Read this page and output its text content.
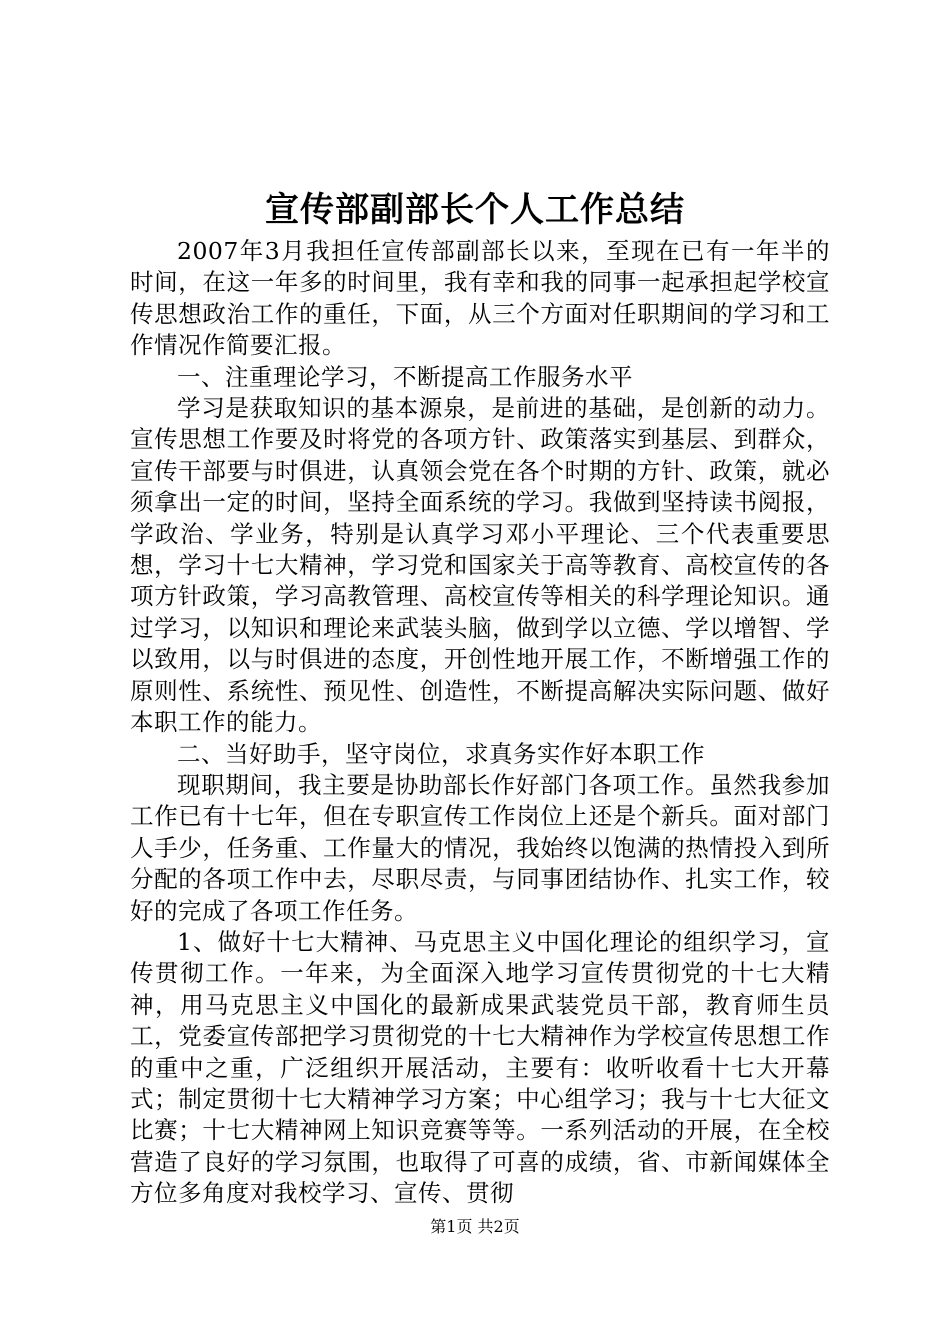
宣传部副部长个人工作总结

2007年3月我担任宣传部副部长以来，至现在已有一年半的时间，在这一年多的时间里，我有幸和我的同事一起承担起学校宣传思想政治工作的重任，下面，从三个方面对任职期间的学习和工作情况作简要汇报。

一、注重理论学习，不断提高工作服务水平

学习是获取知识的基本源泉，是前进的基础，是创新的动力。宣传思想工作要及时将党的各项方针、政策落实到基层、到群众，宣传干部要与时俱进，认真领会党在各个时期的方针、政策，就必须拿出一定的时间，坚持全面系统的学习。我做到坚持读书阅报，学政治、学业务，特别是认真学习邓小平理论、三个代表重要思想，学习十七大精神，学习党和国家关于高等教育、高校宣传的各项方针政策，学习高教管理、高校宣传等相关的科学理论知识。通过学习，以知识和理论来武装头脑，做到学以立德、学以增智、学以致用，以与时俱进的态度，开创性地开展工作，不断增强工作的原则性、系统性、预见性、创造性，不断提高解决实际问题、做好本职工作的能力。

二、当好助手，坚守岗位，求真务实作好本职工作

现职期间，我主要是协助部长作好部门各项工作。虽然我参加工作已有十七年，但在专职宣传工作岗位上还是个新兵。面对部门人手少，任务重、工作量大的情况，我始终以饱满的热情投入到所分配的各项工作中去，尽职尽责，与同事团结协作、扎实工作，较好的完成了各项工作任务。

1、做好十七大精神、马克思主义中国化理论的组织学习，宣传贯彻工作。一年来，为全面深入地学习宣传贯彻党的十七大精神，用马克思主义中国化的最新成果武装党员干部，教育师生员工，党委宣传部把学习贯彻党的十七大精神作为学校宣传思想工作的重中之重，广泛组织开展活动，主要有：收听收看十七大开幕式；制定贯彻十七大精神学习方案；中心组学习；我与十七大征文比赛；十七大精神网上知识竞赛等等。一系列活动的开展，在全校营造了良好的学习氛围，也取得了可喜的成绩，省、市新闻媒体全方位多角度对我校学习、宣传、贯彻

第1页 共2页
